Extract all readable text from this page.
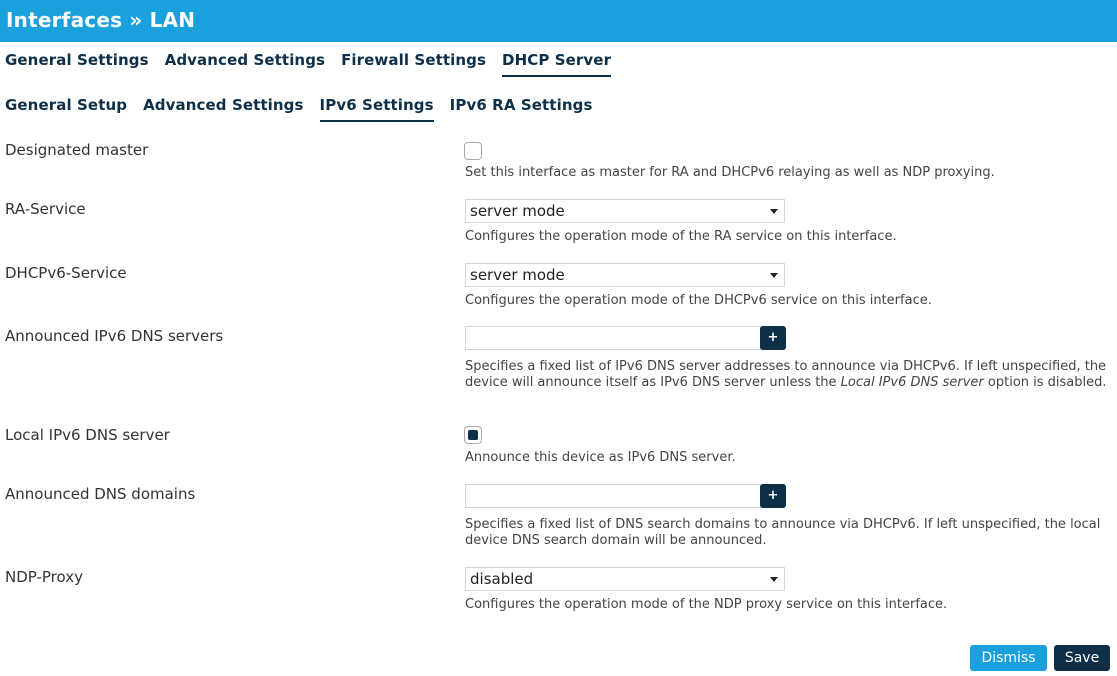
Interfaces » LAN
General Settings Advanced Settings Firewall Settings DHCP Server
General Setup Advanced Settings IPv6 Settings IPv6 RA Settings
Designated master
Set this interface as master for RA and DHCPv6 relaying as well as NDP proxying.
RA-Service	server mode
Configures the operation mode of the RA service on this interface.
DHCPv6-Service	server mode
Configures the operation mode of the DHCPv6 service on this interface.
Announced IPv6 DNS servers	+
Specifies a fixed list of IPv6 DNS server addresses to announce via DHCPv6. If left unspecified, the device will announce itself as IPv6 DNS server unless the Local IPv6 DNS server option is disabled.
Local IPv6 DNS server
Announce this device as IPv6 DNS server.
Announced DNS domains	+
Specifies a fixed list of DNS search domains to announce via DHCPv6. If left unspecified, the local device DNS search domain will be announced.
NDP-Proxy	disabled
Configures the operation mode of the NDP proxy service on this interface.
Dismiss	Save
